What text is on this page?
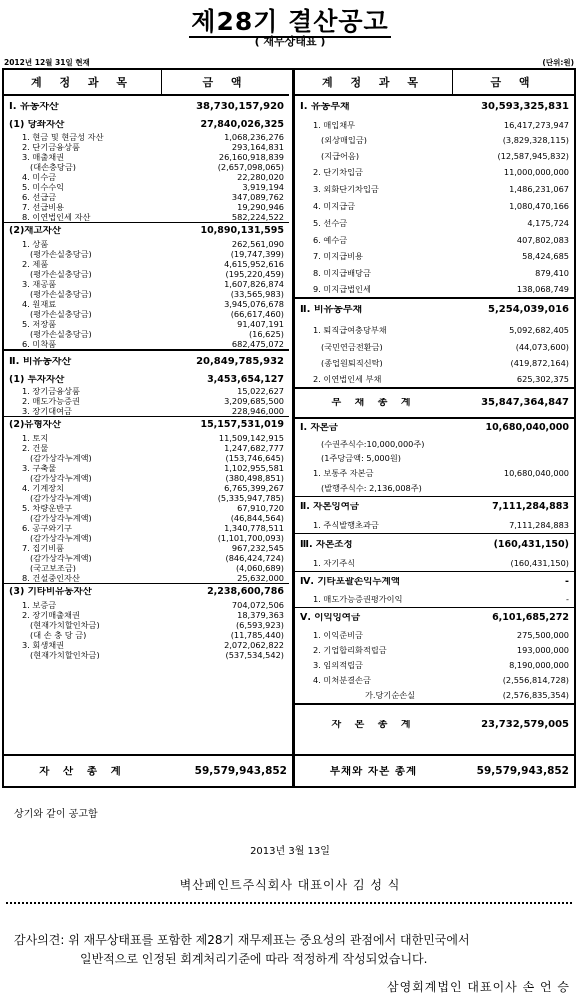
제28기 결산공고
( 재무상태표 )
2012년 12월 31일 현재	(단위:원)
계 정 과 목	금 액
Ⅰ. 유동자산	38,730,157,920
(1) 당좌자산	27,840,026,325
1. 현금 및 현금성 자산	1,068,236,276
2. 단기금융상품	293,164,831
3. 매출채권	26,160,918,839
(대손충당금)	(2,657,098,065)
4. 미수금	22,280,020
5. 미수수익	3,919,194
6. 선급금	347,089,762
7. 선급비용	19,290,946
8. 이연법인세 자산	582,224,522
(2)재고자산	10,890,131,595
1. 상품	262,561,090
(평가손실충당금)	(19,747,399)
2. 제품	4,615,952,616
(평가손실충당금)	(195,220,459)
3. 재공품	1,607,826,874
(평가손실충당금)	(33,565,983)
4. 원재료	3,945,076,678
(평가손실충당금)	(66,617,460)
5. 저장품	91,407,191
(평가손실충당금)	(16,625)
6. 미착품	682,475,072
Ⅱ. 비유동자산	20,849,785,932
(1) 투자자산	3,453,654,127
1. 장기금융상품	15,022,627
2. 매도가능증권	3,209,685,500
3. 장기대여금	228,946,000
(2)유형자산	15,157,531,019
1. 토지	11,509,142,915
2. 건물	1,247,682,777
(감가상각누계액)	(153,746,645)
3. 구축물	1,102,955,581
(감가상각누계액)	(380,498,851)
4. 기계장치	6,765,399,267
(감가상각누계액)	(5,335,947,785)
5. 차량운반구	67,910,720
(감가상각누계액)	(46,844,564)
6. 공구와기구	1,340,778,511
(감가상각누계액)	(1,101,700,093)
7. 집기비품	967,232,545
(감가상각누계액)	(846,424,724)
(국고보조금)	(4,060,689)
8. 건설중인자산	25,632,000
(3) 기타비유동자산	2,238,600,786
1. 보증금	704,072,506
2. 장기매출채권	18,379,363
(현재가치할인차금)	(6,593,923)
(대 손 충 당 금)	(11,785,440)
3. 회생채권	2,072,062,822
(현재가치할인차금)	(537,534,542)
계 정 과 목	금 액
Ⅰ. 유동부채	30,593,325,831
1. 매입채무	16,417,273,947
(외상매입금)	(3,829,328,115)
(지급어음)	(12,587,945,832)
2. 단기차입금	11,000,000,000
3. 외화단기차입금	1,486,231,067
4. 미지급금	1,080,470,166
5. 선수금	4,175,724
6. 예수금	407,802,083
7. 미지급비용	58,424,685
8. 미지급배당금	879,410
9. 미지급법인세	138,068,749
Ⅱ. 비유동부채	5,254,039,016
1. 퇴직급여충당부채	5,092,682,405
(국민연금전환금)	(44,073,600)
(종업원퇴직신탁)	(419,872,164)
2. 이연법인세 부채	625,302,375
부 채 총 계	35,847,364,847
Ⅰ. 자본금	10,680,040,000
(수권주식수:10,000,000주)
(1주당금액: 5,000원)
1. 보통주 자본금	10,680,040,000
(발행주식수: 2,136,008주)
Ⅱ. 자본잉여금	7,111,284,883
1. 주식발행초과금	7,111,284,883
Ⅲ. 자본조정	(160,431,150)
1. 자기주식	(160,431,150)
Ⅳ. 기타포괄손익누계액	-
1. 매도가능증권평가이익	-
Ⅴ. 이익잉여금	6,101,685,272
1. 이익준비금	275,500,000
2. 기업합리화적립금	193,000,000
3. 임의적립금	8,190,000,000
4. 미처분결손금	(2,556,814,728)
가.당기순손실	(2,576,835,354)
자 본 총 계	23,732,579,005
자 산 총 계	59,579,943,852	부채와 자본 총계	59,579,943,852
상기와 같이 공고함
2013년 3월 13일
벽산페인트주식회사 대표이사 김 성 식
감사의견: 위 재무상태표를 포함한 제28기 재무제표는 중요성의 관점에서 대한민국에서
일반적으로 인정된 회계처리기준에 따라 적정하게 작성되었습니다.
삼영회계법인 대표이사 손 언 승
